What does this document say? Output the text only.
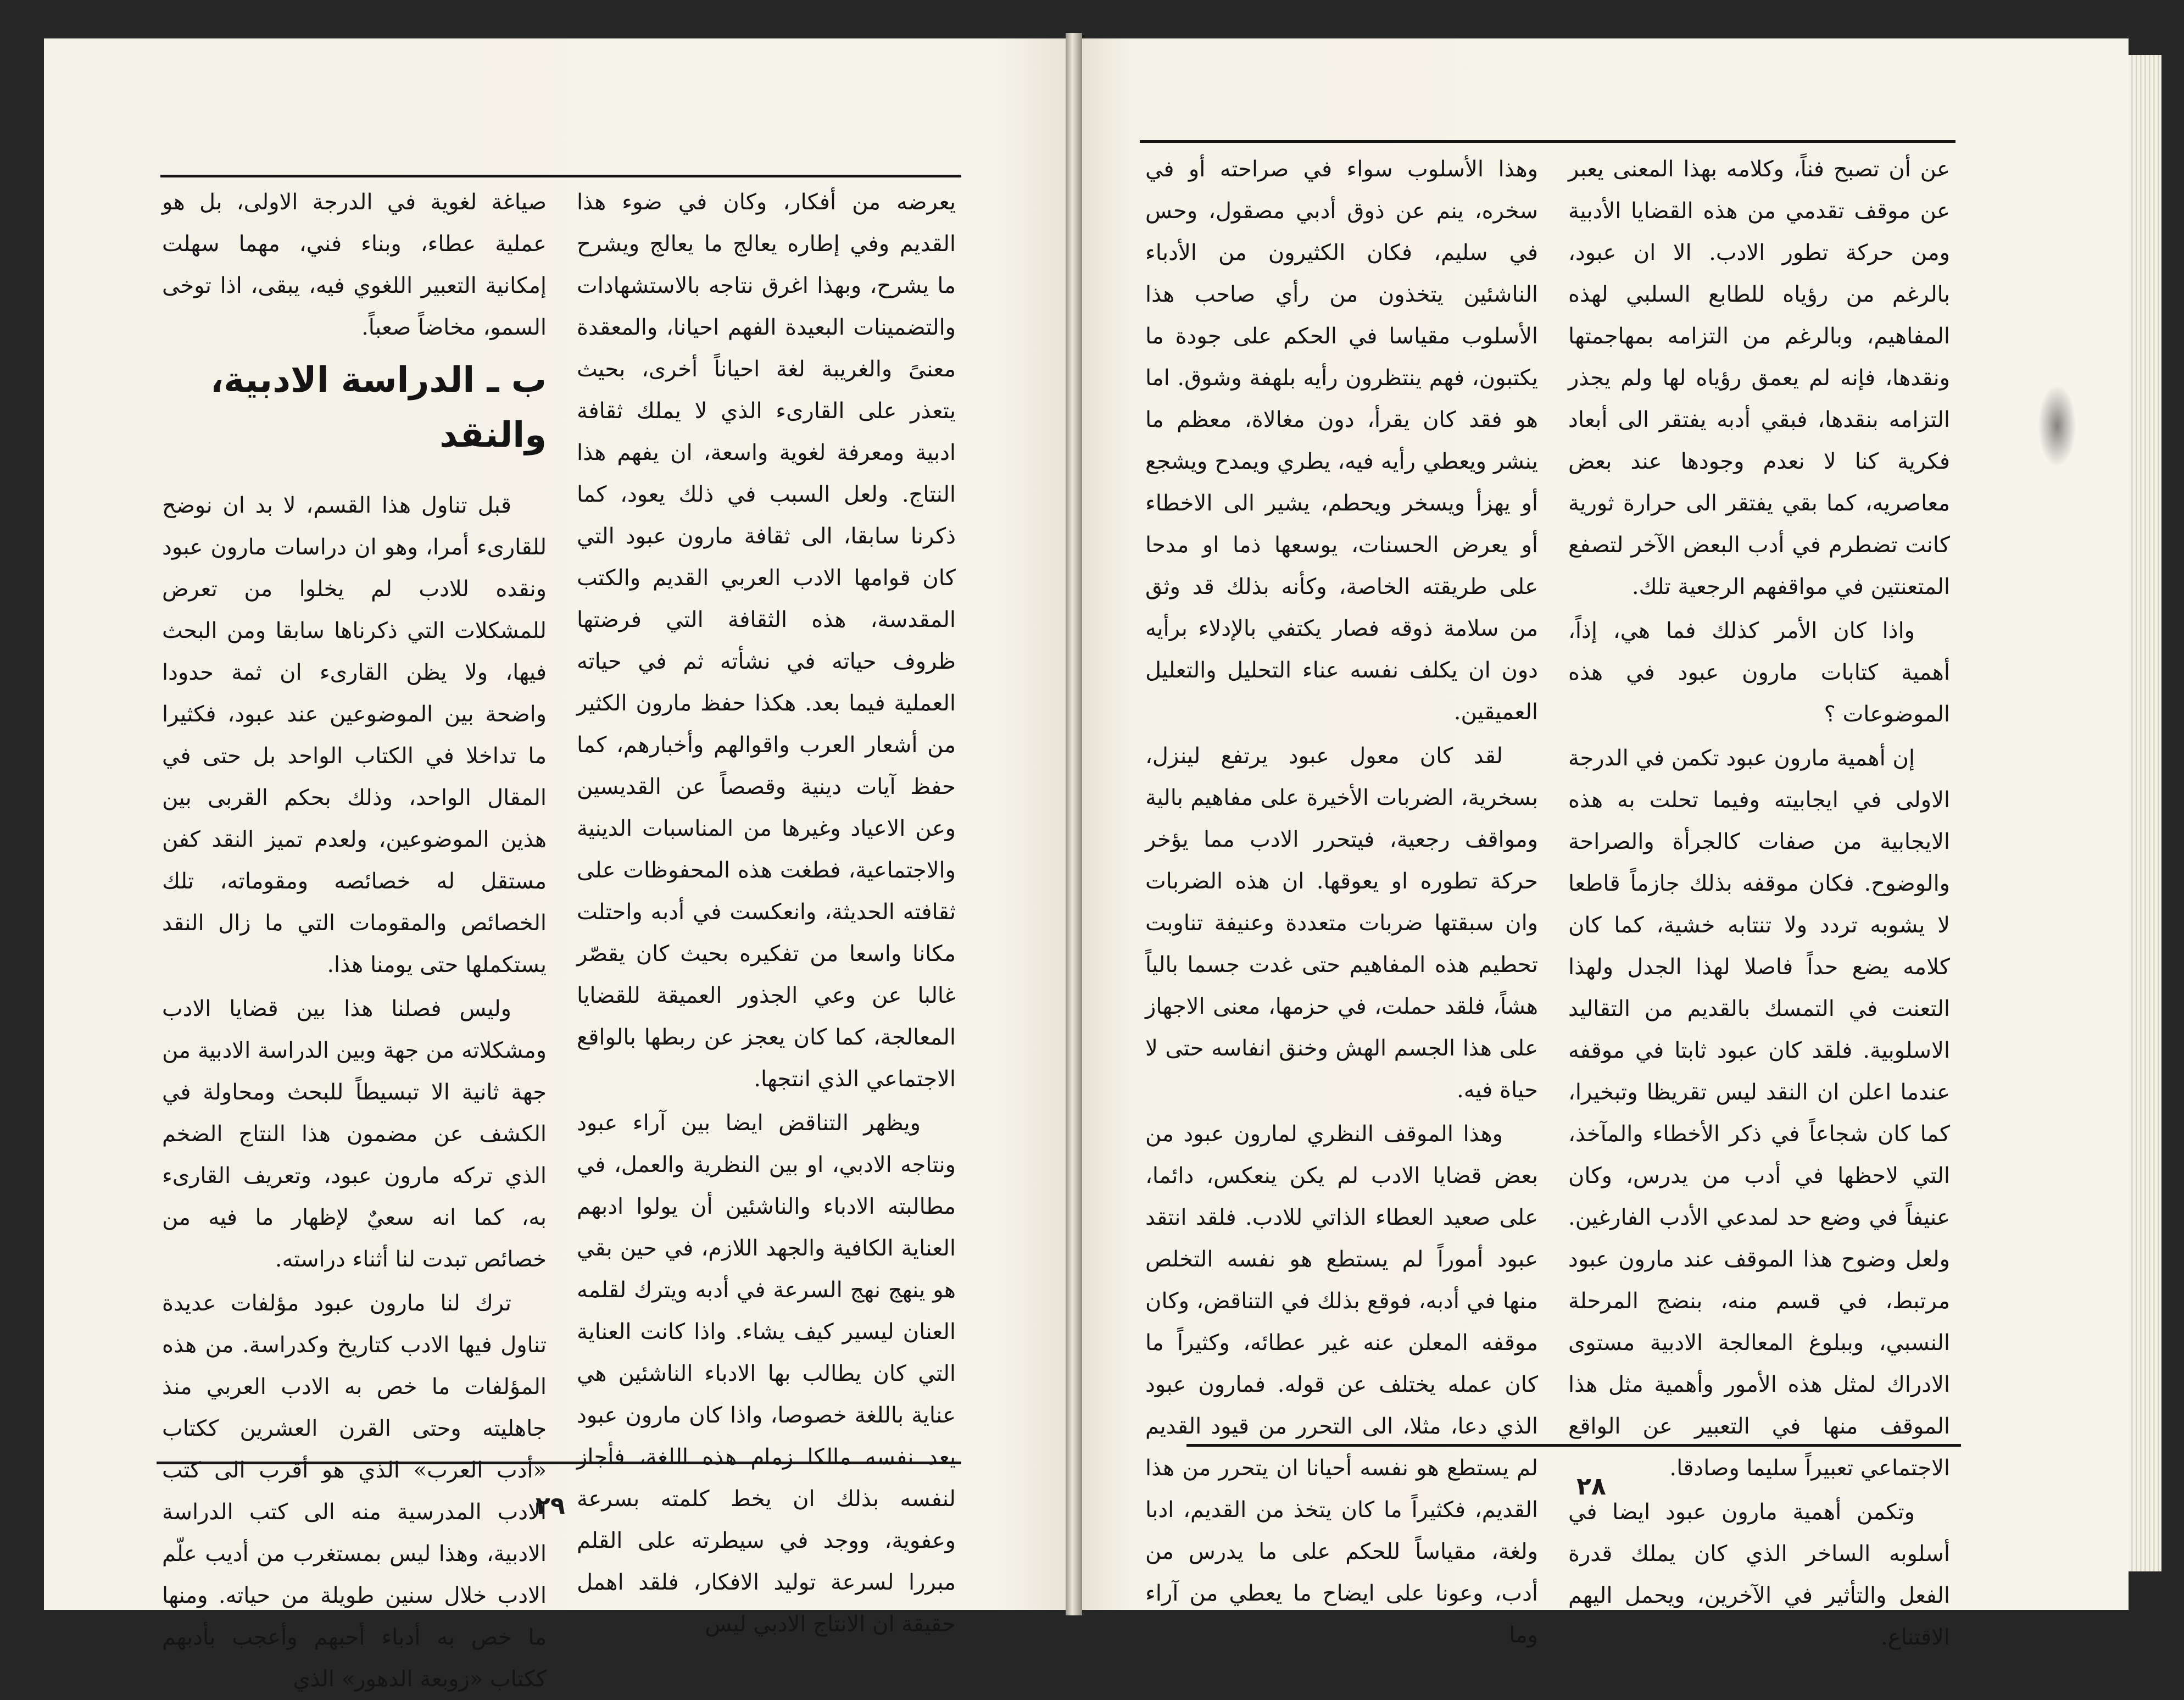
يعرضه من أفكار، وكان في ضوء هذا القديم وفي إطاره يعالج ما يعالج ويشرح ما يشرح، وبهذا اغرق نتاجه بالاستشهادات والتضمينات البعيدة الفهم احيانا، والمعقدة معنىً والغريبة لغة احياناً أخرى، بحيث يتعذر على القارىء الذي لا يملك ثقافة ادبية ومعرفة لغوية واسعة، ان يفهم هذا النتاج. ولعل السبب في ذلك يعود، كما ذكرنا سابقا، الى ثقافة مارون عبود التي كان قوامها الادب العربي القديم والكتب المقدسة، هذه الثقافة التي فرضتها ظروف حياته في نشأته ثم في حياته العملية فيما بعد. هكذا حفظ مارون الكثير من أشعار العرب واقوالهم وأخبارهم، كما حفظ آيات دينية وقصصاً عن القديسين وعن الاعياد وغيرها من المناسبات الدينية والاجتماعية، فطغت هذه المحفوظات على ثقافته الحديثة، وانعكست في أدبه واحتلت مكانا واسعا من تفكيره بحيث كان يقصّر غالبا عن وعي الجذور العميقة للقضايا المعالجة، كما كان يعجز عن ربطها بالواقع الاجتماعي الذي انتجها.

ويظهر التناقض ايضا بين آراء عبود ونتاجه الادبي، او بين النظرية والعمل، في مطالبته الادباء والناشئين أن يولوا ادبهم العناية الكافية والجهد اللازم، في حين بقي هو ينهج نهج السرعة في أدبه ويترك لقلمه العنان ليسير كيف يشاء. واذا كانت العناية التي كان يطالب بها الادباء الناشئين هي عناية باللغة خصوصا، واذا كان مارون عبود يعد نفسه مالكا زمام هذه اللغة، فأجاز لنفسه بذلك ان يخط كلمته بسرعة وعفوية، ووجد في سيطرته على القلم مبررا لسرعة توليد الافكار، فلقد اهمل حقيقة ان الانتاج الادبي ليس

صياغة لغوية في الدرجة الاولى، بل هو عملية عطاء، وبناء فني، مهما سهلت إمكانية التعبير اللغوي فيه، يبقى، اذا توخى السمو، مخاضاً صعباً.

ب ـ الدراسة الادبية، والنقد

قبل تناول هذا القسم، لا بد ان نوضح للقارىء أمرا، وهو ان دراسات مارون عبود ونقده للادب لم يخلوا من تعرض للمشكلات التي ذكرناها سابقا ومن البحث فيها، ولا يظن القارىء ان ثمة حدودا واضحة بين الموضوعين عند عبود، فكثيرا ما تداخلا في الكتاب الواحد بل حتى في المقال الواحد، وذلك بحكم القربى بين هذين الموضوعين، ولعدم تميز النقد كفن مستقل له خصائصه ومقوماته، تلك الخصائص والمقومات التي ما زال النقد يستكملها حتى يومنا هذا.

وليس فصلنا هذا بين قضايا الادب ومشكلاته من جهة وبين الدراسة الادبية من جهة ثانية الا تبسيطاً للبحث ومحاولة في الكشف عن مضمون هذا النتاج الضخم الذي تركه مارون عبود، وتعريف القارىء به، كما انه سعيٌ لإظهار ما فيه من خصائص تبدت لنا أثناء دراسته.

ترك لنا مارون عبود مؤلفات عديدة تناول فيها الادب كتاريخ وكدراسة. من هذه المؤلفات ما خص به الادب العربي منذ جاهليته وحتى القرن العشرين ككتاب «أدب العرب» الذي هو أقرب الى كتب الادب المدرسية منه الى كتب الدراسة الادبية، وهذا ليس بمستغرب من أديب علّم الادب خلال سنين طويلة من حياته. ومنها ما خص به أدباء أحبهم وأعجب بأدبهم ككتاب «زوبعة الدهور» الذي

٢٩

عن أن تصبح فناً، وكلامه بهذا المعنى يعبر عن موقف تقدمي من هذه القضايا الأدبية ومن حركة تطور الادب. الا ان عبود، بالرغم من رؤياه للطابع السلبي لهذه المفاهيم، وبالرغم من التزامه بمهاجمتها ونقدها، فإنه لم يعمق رؤياه لها ولم يجذر التزامه بنقدها، فبقي أدبه يفتقر الى أبعاد فكرية كنا لا نعدم وجودها عند بعض معاصريه، كما بقي يفتقر الى حرارة ثورية كانت تضطرم في أدب البعض الآخر لتصفع المتعنتين في مواقفهم الرجعية تلك.

واذا كان الأمر كذلك فما هي، إذاً، أهمية كتابات مارون عبود في هذه الموضوعات ؟

إن أهمية مارون عبود تكمن في الدرجة الاولى في ايجابيته وفيما تحلت به هذه الايجابية من صفات كالجرأة والصراحة والوضوح. فكان موقفه بذلك جازماً قاطعا لا يشوبه تردد ولا تنتابه خشية، كما كان كلامه يضع حداً فاصلا لهذا الجدل ولهذا التعنت في التمسك بالقديم من التقاليد الاسلوبية. فلقد كان عبود ثابتا في موقفه عندما اعلن ان النقد ليس تقريظا وتبخيرا، كما كان شجاعاً في ذكر الأخطاء والمآخذ، التي لاحظها في أدب من يدرس، وكان عنيفاً في وضع حد لمدعي الأدب الفارغين. ولعل وضوح هذا الموقف عند مارون عبود مرتبط، في قسم منه، بنضج المرحلة النسبي، وببلوغ المعالجة الادبية مستوى الادراك لمثل هذه الأمور وأهمية مثل هذا الموقف منها في التعبير عن الواقع الاجتماعي تعبيراً سليما وصادقا.

وتكمن أهمية مارون عبود ايضا في أسلوبه الساخر الذي كان يملك قدرة الفعل والتأثير في الآخرين، ويحمل اليهم الاقتناع.

وهذا الأسلوب سواء في صراحته أو في سخره، ينم عن ذوق أدبي مصقول، وحس في سليم، فكان الكثيرون من الأدباء الناشئين يتخذون من رأي صاحب هذا الأسلوب مقياسا في الحكم على جودة ما يكتبون، فهم ينتظرون رأيه بلهفة وشوق. اما هو فقد كان يقرأ، دون مغالاة، معظم ما ينشر ويعطي رأيه فيه، يطري ويمدح ويشجع أو يهزأ ويسخر ويحطم، يشير الى الاخطاء أو يعرض الحسنات، يوسعها ذما او مدحا على طريقته الخاصة، وكأنه بذلك قد وثق من سلامة ذوقه فصار يكتفي بالإدلاء برأيه دون ان يكلف نفسه عناء التحليل والتعليل العميقين.

لقد كان معول عبود يرتفع لينزل، بسخرية، الضربات الأخيرة على مفاهيم بالية ومواقف رجعية، فيتحرر الادب مما يؤخر حركة تطوره او يعوقها. ان هذه الضربات وان سبقتها ضربات متعددة وعنيفة تناوبت تحطيم هذه المفاهيم حتى غدت جسما بالياً هشاً، فلقد حملت، في حزمها، معنى الاجهاز على هذا الجسم الهش وخنق انفاسه حتى لا حياة فيه.

وهذا الموقف النظري لمارون عبود من بعض قضايا الادب لم يكن ينعكس، دائما، على صعيد العطاء الذاتي للادب. فلقد انتقد عبود أموراً لم يستطع هو نفسه التخلص منها في أدبه، فوقع بذلك في التناقض، وكان موقفه المعلن عنه غير عطائه، وكثيراً ما كان عمله يختلف عن قوله. فمارون عبود الذي دعا، مثلا، الى التحرر من قيود القديم لم يستطع هو نفسه أحيانا ان يتحرر من هذا القديم، فكثيراً ما كان يتخذ من القديم، ادبا ولغة، مقياساً للحكم على ما يدرس من أدب، وعونا على ايضاح ما يعطي من آراء وما

٢٨
